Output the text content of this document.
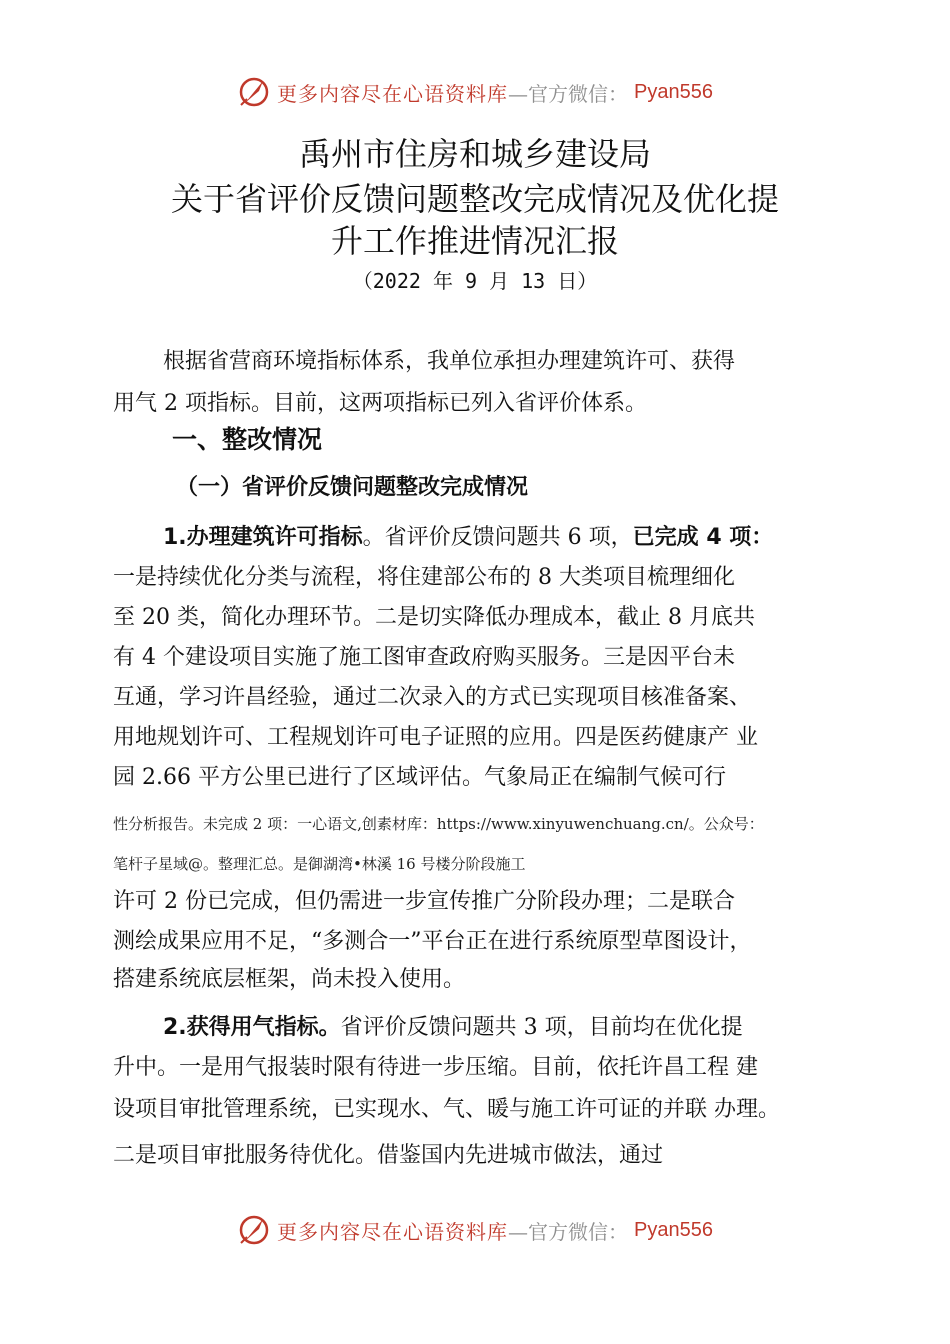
更多内容尽在心语资料库 —官方微信： Pyan556
禹州市住房和城乡建设局
关于省评价反馈问题整改完成情况及优化提
升工作推进情况汇报
（2022 年 9 月 13 日）
根据省营商环境指标体系，我单位承担办理建筑许可、获得
用气 2 项指标。目前，这两项指标已列入省评价体系。
一、整改情况
（一）省评价反馈问题整改完成情况
1.办理建筑许可指标。省评价反馈问题共 6 项，已完成 4 项：
一是持续优化分类与流程，将住建部公布的 8 大类项目梳理细化
至 20 类，简化办理环节。二是切实降低办理成本，截止 8 月底共
有 4 个建设项目实施了施工图审查政府购买服务。三是因平台未
互通，学习许昌经验，通过二次录入的方式已实现项目核准备案、
用地规划许可、工程规划许可电子证照的应用。四是医药健康产 业
园 2.66 平方公里已进行了区域评估。气象局正在编制气候可行
性分析报告。未完成 2 项：一心语文,创素材库：https://www.xinyuwenchuang.cn/。公众号：
笔杆子星域@。整理汇总。是御湖湾•林溪 16 号楼分阶段施工
许可 2 份已完成，但仍需进一步宣传推广分阶段办理；二是联合
测绘成果应用不足，“多测合一”平台正在进行系统原型草图设计，
搭建系统底层框架，尚未投入使用。
2.获得用气指标。省评价反馈问题共 3 项，目前均在优化提
升中。一是用气报装时限有待进一步压缩。目前，依托许昌工程 建
设项目审批管理系统，已实现水、气、暖与施工许可证的并联 办理。
二是项目审批服务待优化。借鉴国内先进城市做法，通过
更多内容尽在心语资料库 —官方微信： Pyan556
